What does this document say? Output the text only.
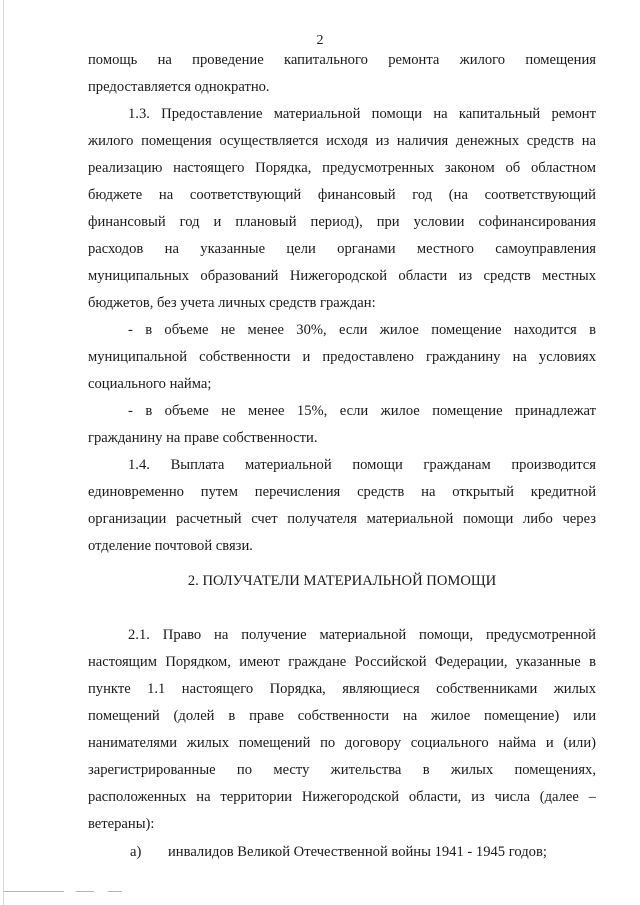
2
помощь на проведение капитального ремонта жилого помещения
предоставляется однократно.
1.3. Предоставление материальной помощи на капитальный ремонт
жилого помещения осуществляется исходя из наличия денежных средств на
реализацию настоящего Порядка, предусмотренных законом об областном
бюджете на соответствующий финансовый год (на соответствующий
финансовый год и плановый период), при условии софинансирования
расходов на указанные цели органами местного самоуправления
муниципальных образований Нижегородской области из средств местных
бюджетов, без учета личных средств граждан:
- в объеме не менее 30%, если жилое помещение находится в
муниципальной собственности и предоставлено гражданину на условиях
социального найма;
- в объеме не менее 15%, если жилое помещение принадлежат
гражданину на праве собственности.
1.4. Выплата материальной помощи гражданам производится
единовременно путем перечисления средств на открытый кредитной
организации расчетный счет получателя материальной помощи либо через
отделение почтовой связи.
2. ПОЛУЧАТЕЛИ МАТЕРИАЛЬНОЙ ПОМОЩИ
2.1. Право на получение материальной помощи, предусмотренной
настоящим Порядком, имеют граждане Российской Федерации, указанные в
пункте 1.1 настоящего Порядка, являющиеся собственниками жилых
помещений (долей в праве собственности на жилое помещение) или
нанимателями жилых помещений по договору социального найма и (или)
зарегистрированные по месту жительства в жилых помещениях,
расположенных на территории Нижегородской области, из числа (далее –
ветераны):
а) инвалидов Великой Отечественной войны 1941 - 1945 годов;
